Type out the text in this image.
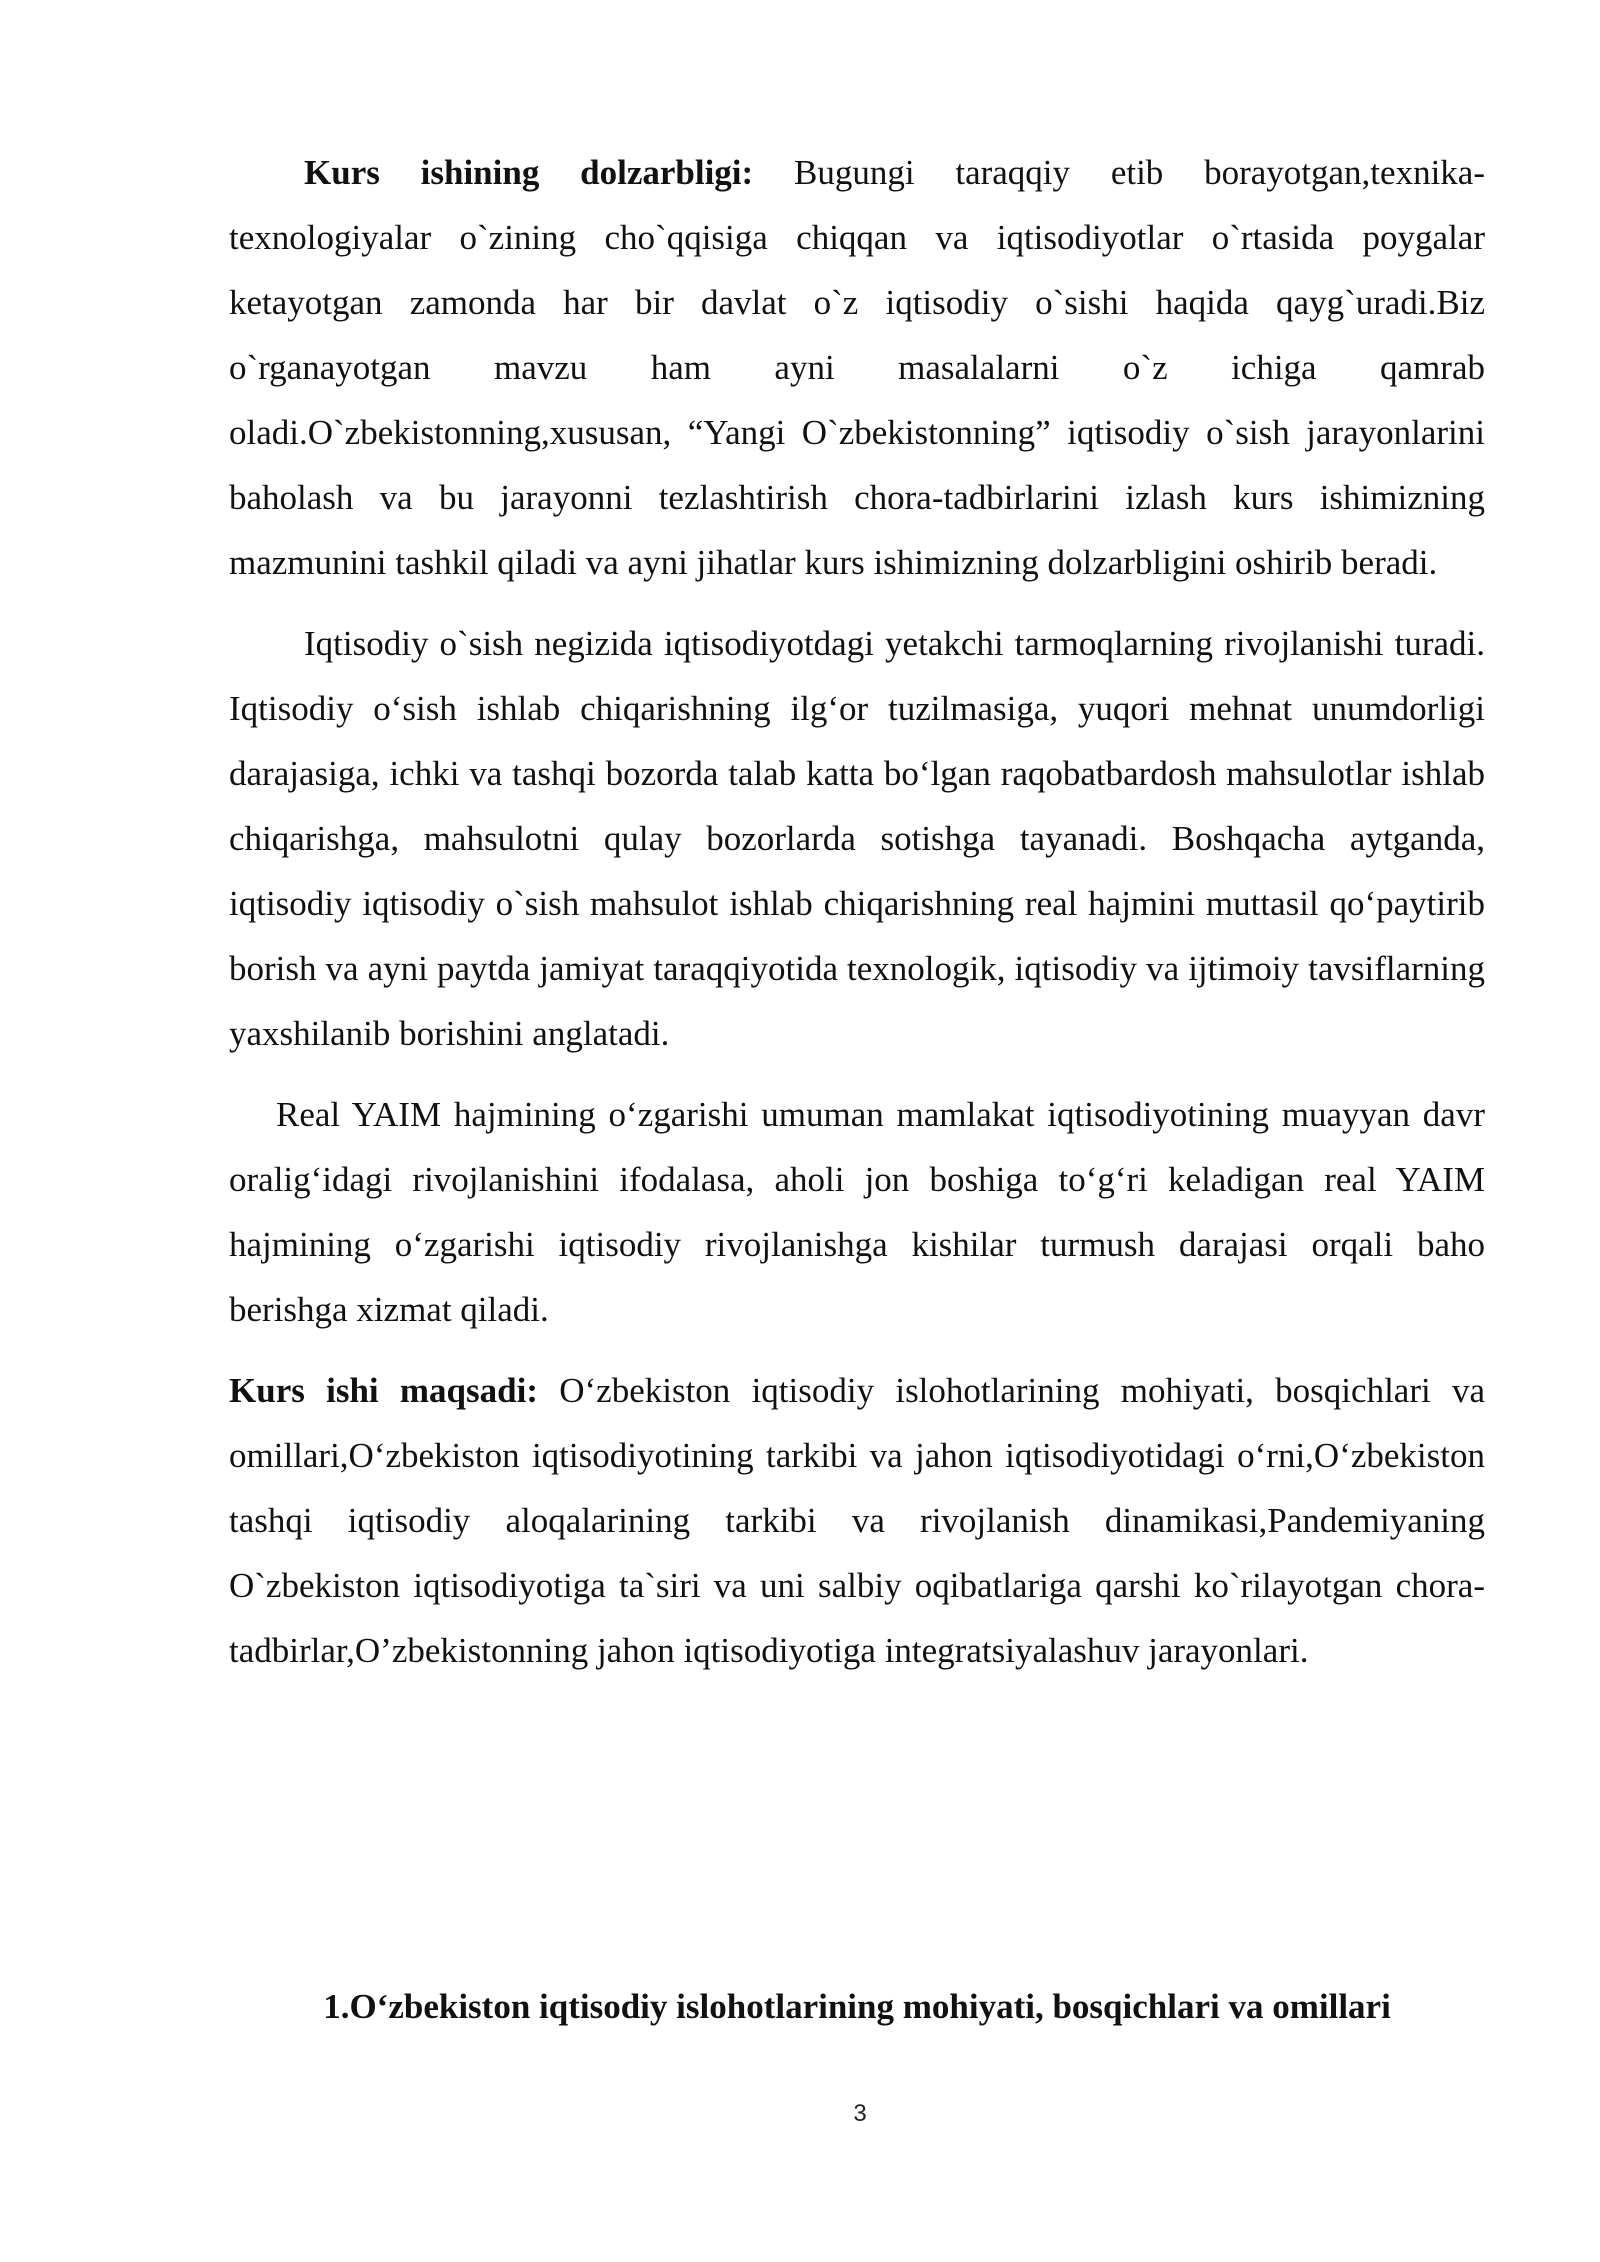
Kurs ishining dolzarbligi: Bugungi taraqqiy etib borayotgan,texnika-texnologiyalar o`zining cho`qqisiga chiqqan va iqtisodiyotlar o`rtasida poygalar ketayotgan zamonda har bir davlat o`z iqtisodiy o`sishi haqida qayg`uradi.Biz o`rganayotgan mavzu ham ayni masalalarni o`z ichiga qamrab oladi.O`zbekistonning,xususan, “Yangi O`zbekistonning” iqtisodiy o`sish jarayonlarini baholash va bu jarayonni tezlashtirish chora-tadbirlarini izlash kurs ishimizning mazmunini tashkil qiladi va ayni jihatlar kurs ishimizning dolzarbligini oshirib beradi.

Iqtisodiy o`sish negizida iqtisodiyotdagi yetakchi tarmoqlarning rivojlanishi turadi. Iqtisodiy o‘sish ishlab chiqarishning ilg‘or tuzilmasiga, yuqori mehnat unumdorligi darajasiga, ichki va tashqi bozorda talab katta bo‘lgan raqobatbardosh mahsulotlar ishlab chiqarishga, mahsulotni qulay bozorlarda sotishga tayanadi. Boshqacha aytganda, iqtisodiy iqtisodiy o`sish mahsulot ishlab chiqarishning real hajmini muttasil qo‘paytirib borish va ayni paytda jamiyat taraqqiyotida texnologik, iqtisodiy va ijtimoiy tavsiflarning yaxshilanib borishini anglatadi.

Real YAIM hajmining o‘zgarishi umuman mamlakat iqtisodiyotining muayyan davr oralig‘idagi rivojlanishini ifodalasa, aholi jon boshiga to‘g‘ri keladigan real YAIM hajmining o‘zgarishi iqtisodiy rivojlanishga kishilar turmush darajasi orqali baho berishga xizmat qiladi.

Kurs ishi maqsadi: O‘zbekiston iqtisodiy islohotlarining mohiyati, bosqichlari va omillari,O‘zbekiston iqtisodiyotining tarkibi va jahon iqtisodiyotidagi o‘rni,O‘zbekiston tashqi iqtisodiy aloqalarining tarkibi va rivojlanish dinamikasi,Pandemiyaning O`zbekiston iqtisodiyotiga ta`siri va uni salbiy oqibatlariga qarshi ko`rilayotgan chora-tadbirlar,O’zbekistonning jahon iqtisodiyotiga integratsiyalashuv jarayonlari.

1.O‘zbekiston iqtisodiy islohotlarining mohiyati, bosqichlari va omillari
3
